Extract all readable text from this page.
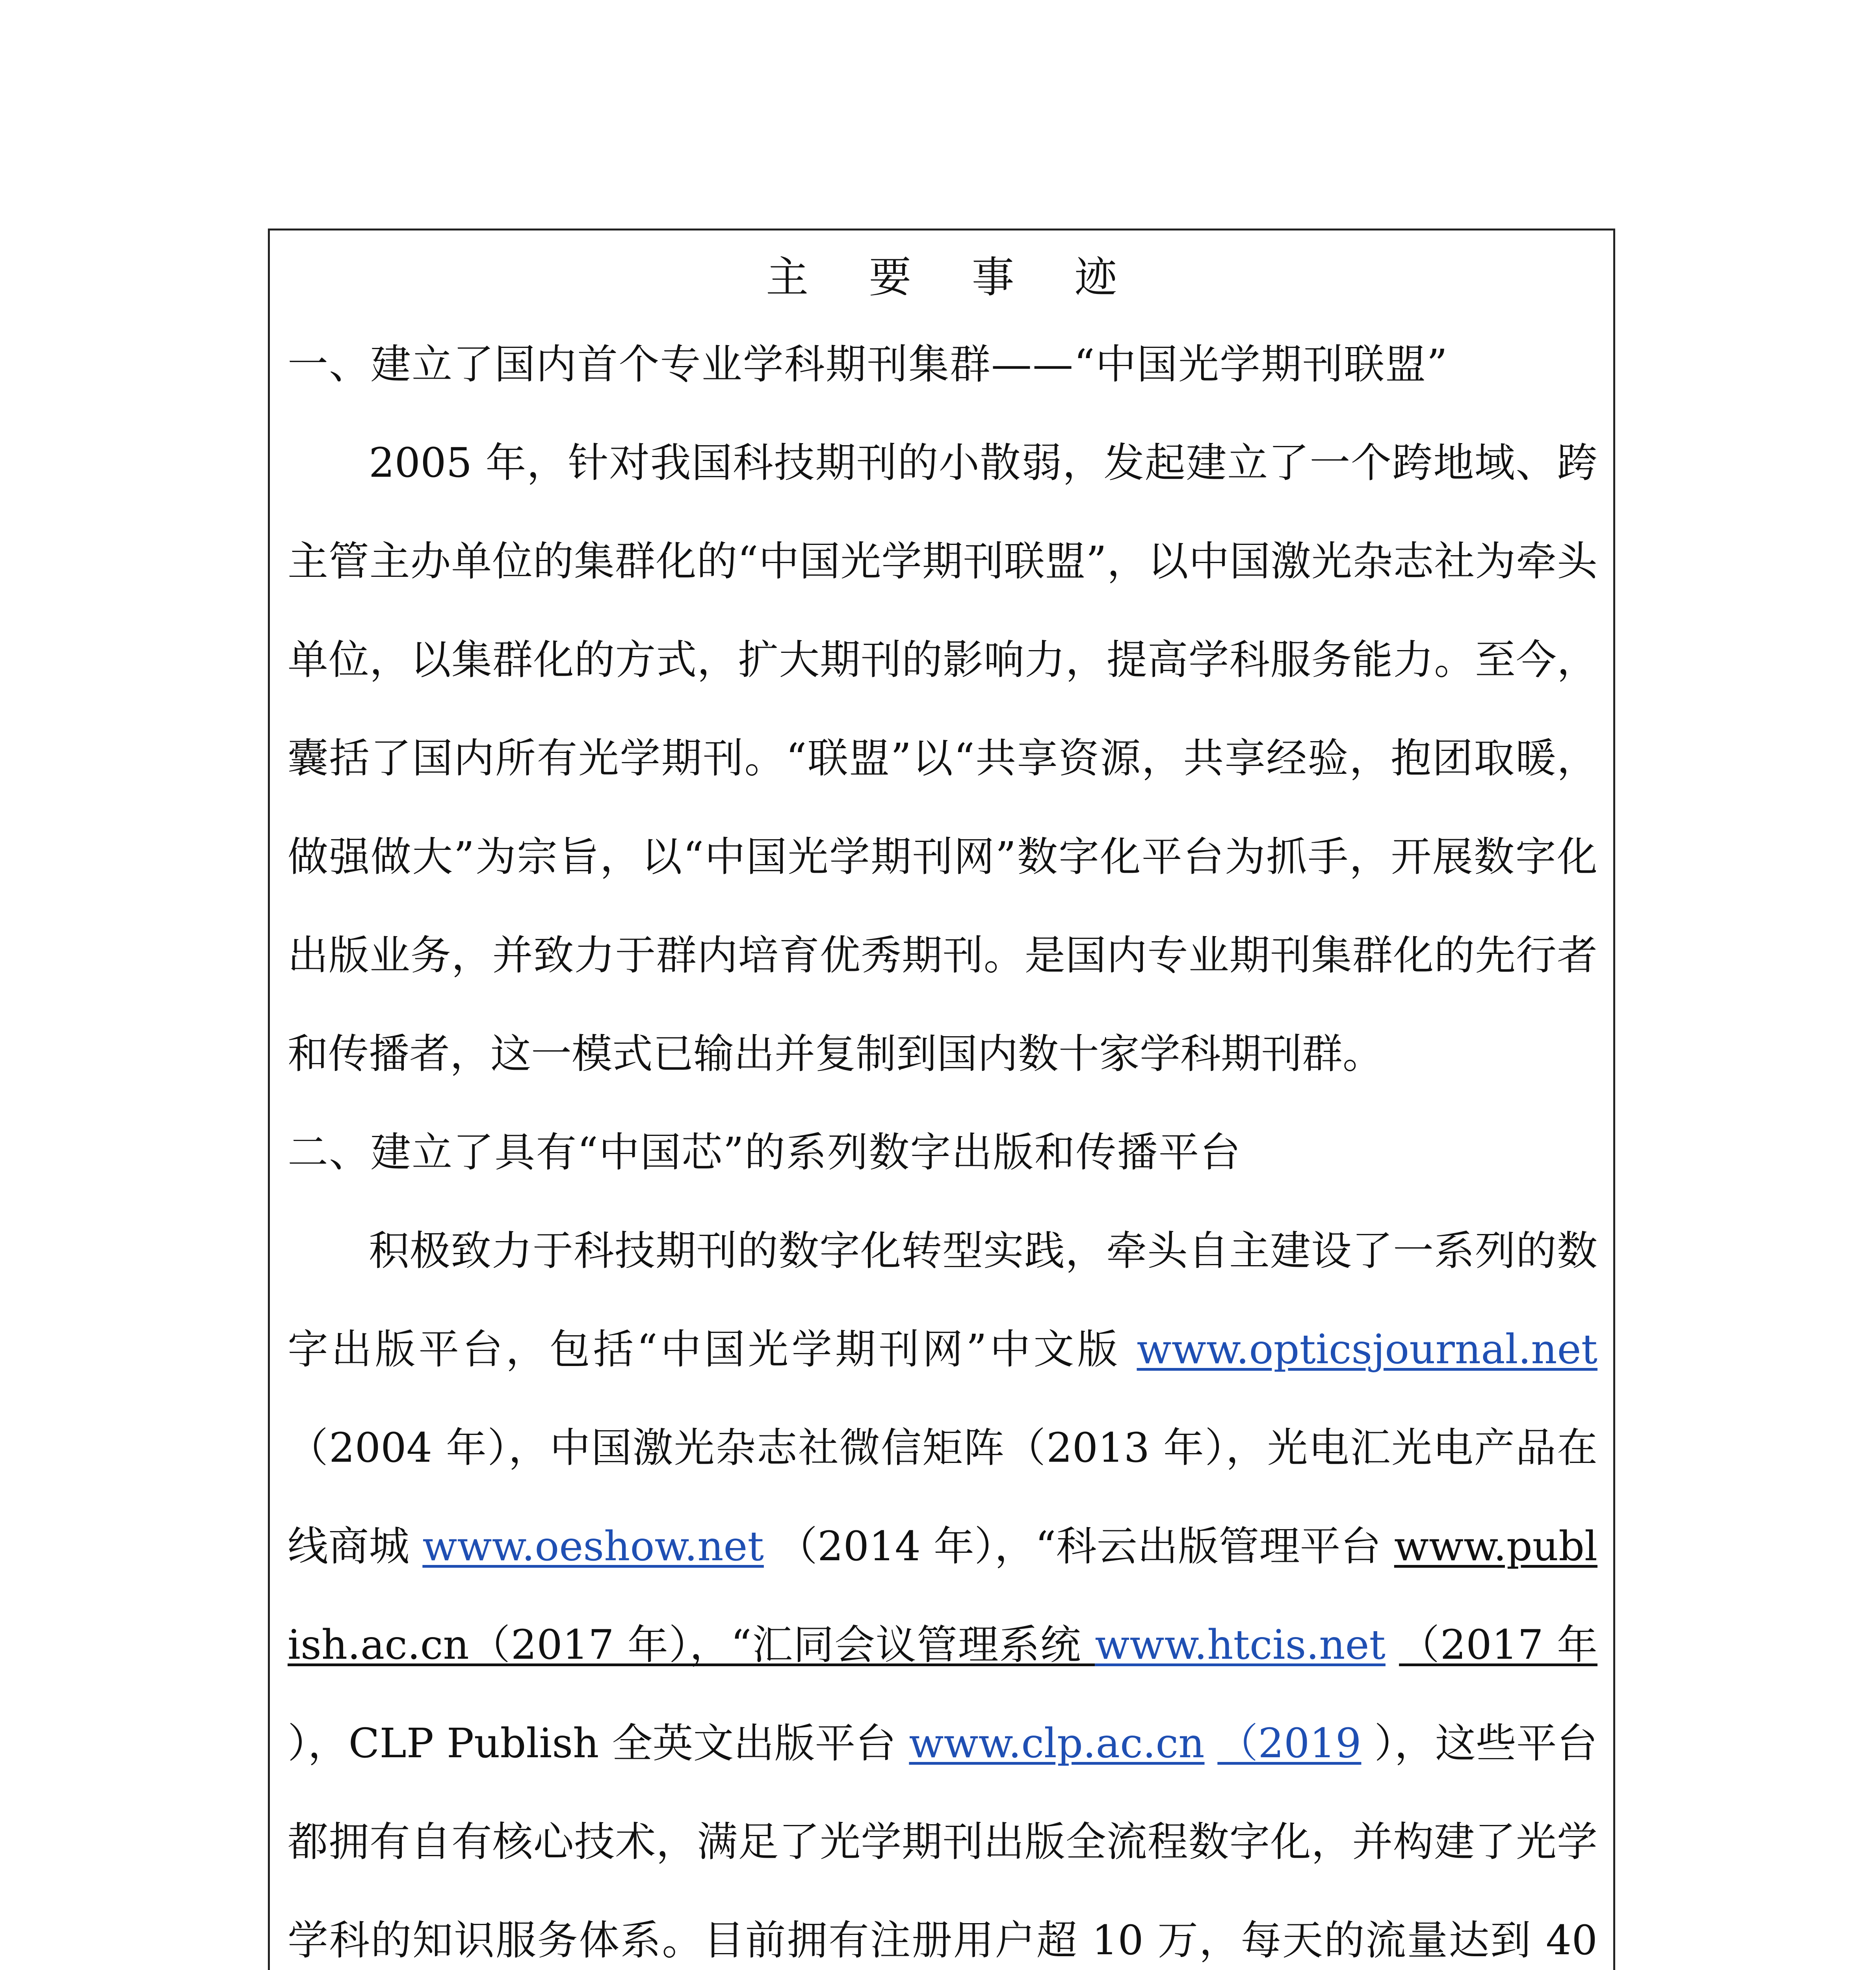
主 要 事 迹

一、建立了国内首个专业学科期刊集群——“中国光学期刊联盟”

2005 年，针对我国科技期刊的小散弱，发起建立了一个跨地域、跨主管主办单位的集群化的“中国光学期刊联盟”，以中国激光杂志社为牵头单位，以集群化的方式，扩大期刊的影响力，提高学科服务能力。至今，囊括了国内所有光学期刊。“联盟”以“共享资源，共享经验，抱团取暖，做强做大”为宗旨，以“中国光学期刊网”数字化平台为抓手，开展数字化出版业务，并致力于群内培育优秀期刊。是国内专业期刊集群化的先行者和传播者，这一模式已输出并复制到国内数十家学科期刊群。

二、建立了具有“中国芯”的系列数字出版和传播平台

积极致力于科技期刊的数字化转型实践，牵头自主建设了一系列的数字出版平台，包括“中国光学期刊网”中文版 www.opticsjournal.net （2004 年），中国激光杂志社微信矩阵（2013 年），光电汇光电产品在线商城 www.oeshow.net （2014 年），“科云出版管理平台 www.publish.ac.cn（2017 年），“汇同会议管理系统 www.htcis.net （2017 年 ），CLP Publish 全英文出版平台 www.clp.ac.cn （2019 ），这些平台都拥有自有核心技术，满足了光学期刊出版全流程数字化，并构建了光学学科的知识服务体系。目前拥有注册用户超 10 万，每天的流量达到 40
